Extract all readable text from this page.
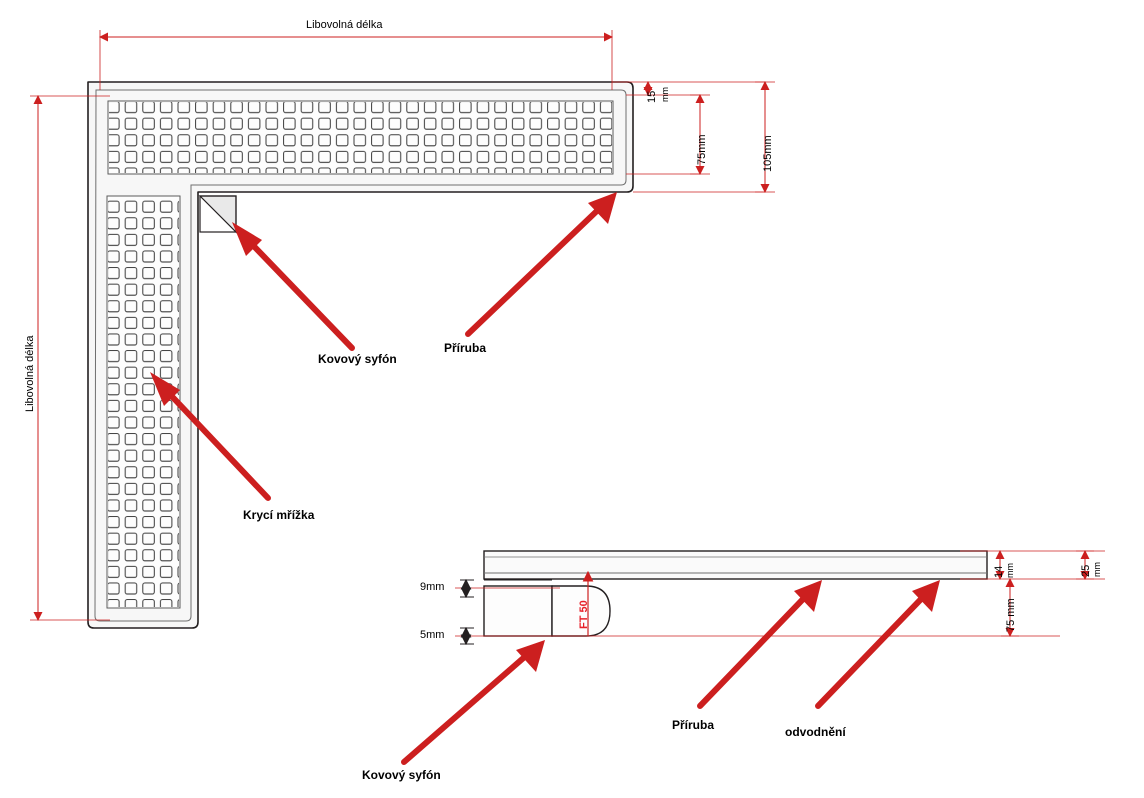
Libovolná délka
Libovolná délka
15 mm
75mm	105mm
Kovový syfón
Příruba
Krycí mřížka
9mm
5mm
14 mm	25 mm
75 mm
FT 50
Kovový syfón
Příruba	odvodnění
